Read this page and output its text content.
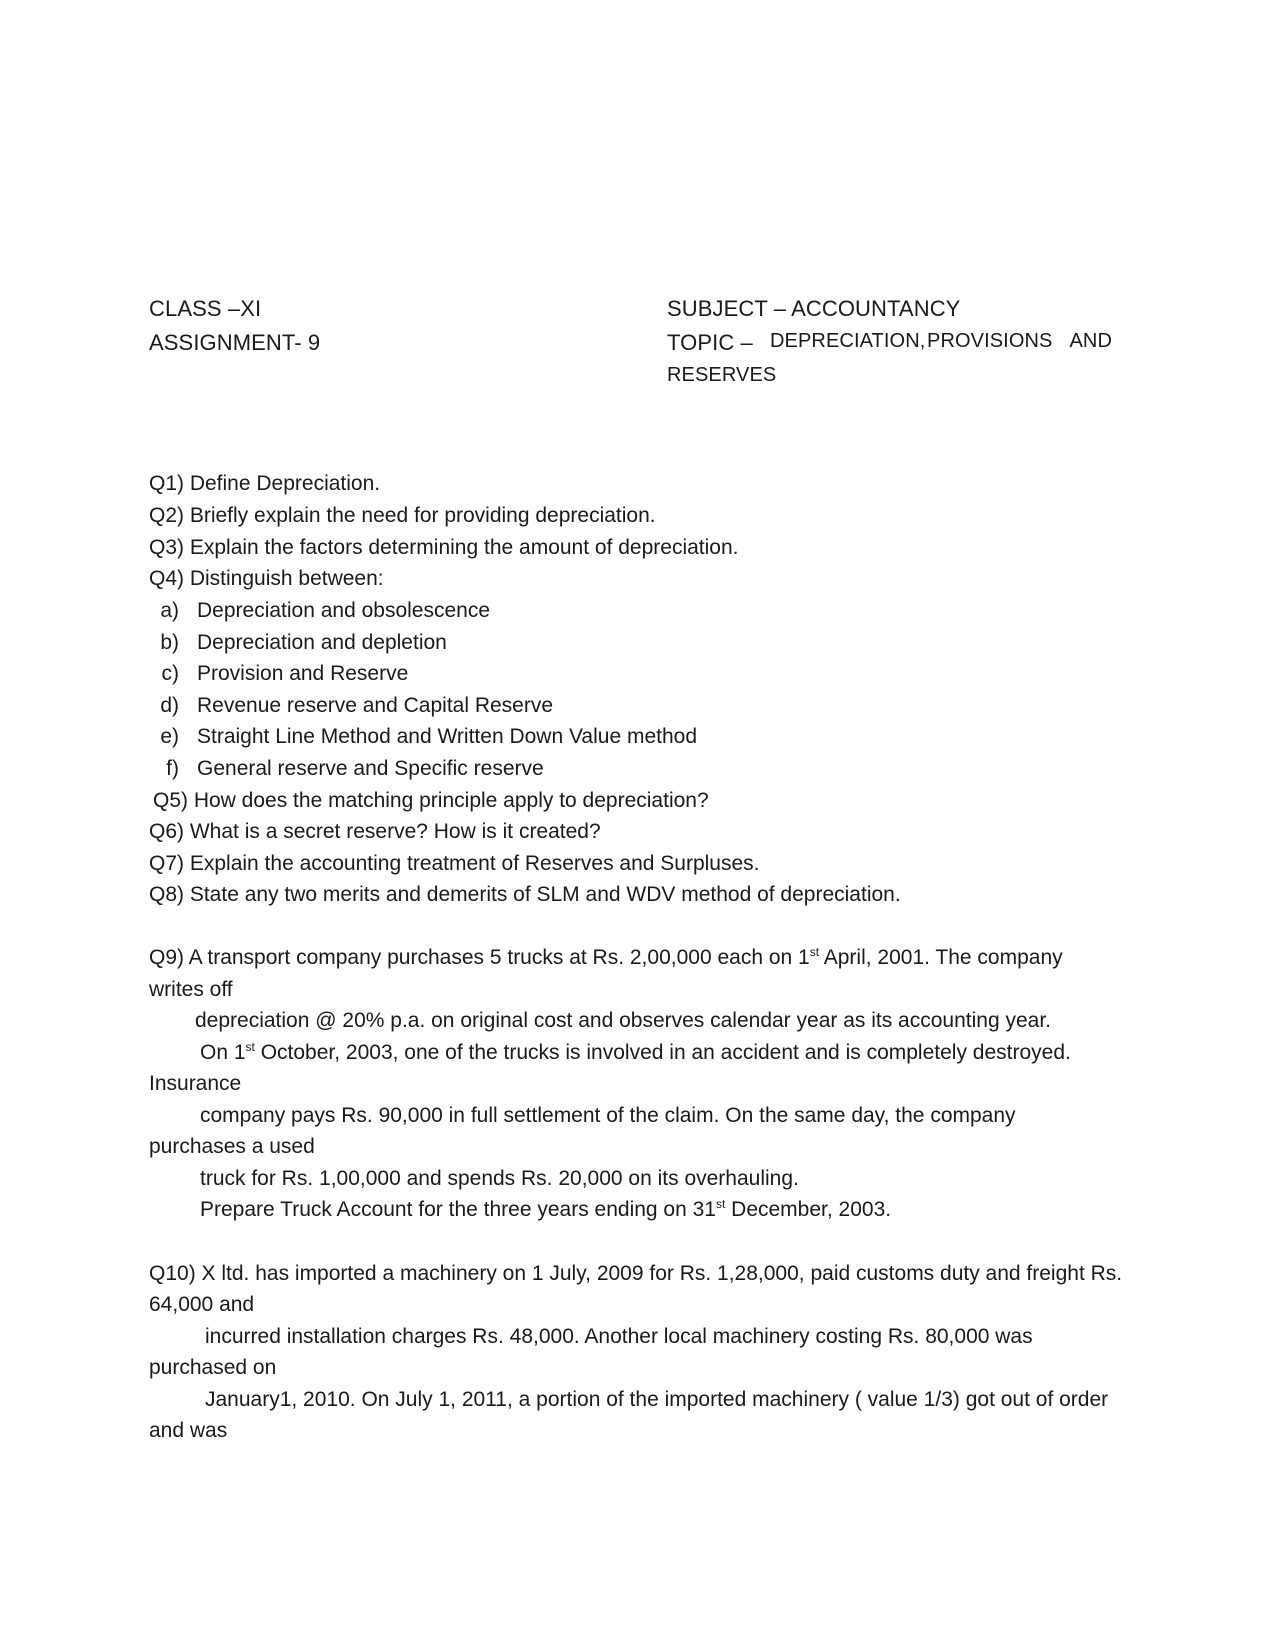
CLASS –XI
ASSIGNMENT- 9
SUBJECT – ACCOUNTANCY
TOPIC – DEPRECIATION, PROVISIONS AND
RESERVES
Q1) Define Depreciation.
Q2) Briefly explain the need for providing depreciation.
Q3) Explain the factors determining the amount of depreciation.
Q4) Distinguish between:
a) Depreciation and obsolescence
b) Depreciation and depletion
c) Provision and Reserve
d) Revenue reserve and Capital Reserve
e) Straight Line Method and Written Down Value method
f) General reserve and Specific reserve
Q5) How does the matching principle apply to depreciation?
Q6) What is a secret reserve? How is it created?
Q7) Explain the accounting treatment of Reserves and Surpluses.
Q8) State any two merits and demerits of SLM and WDV method of depreciation.
Q9) A transport company purchases 5 trucks at Rs. 2,00,000 each on 1st April, 2001. The company
writes off
depreciation @ 20% p.a. on original cost and observes calendar year as its accounting year.
On 1st October, 2003, one of the trucks is involved in an accident and is completely destroyed.
Insurance
company pays Rs. 90,000 in full settlement of the claim. On the same day, the company
purchases a used
truck for Rs. 1,00,000 and spends Rs. 20,000 on its overhauling.
Prepare Truck Account for the three years ending on 31st December, 2003.
Q10) X ltd. has imported a machinery on 1 July, 2009 for Rs. 1,28,000, paid customs duty and freight Rs.
64,000 and
incurred installation charges Rs. 48,000. Another local machinery costing Rs. 80,000 was
purchased on
January1, 2010. On July 1, 2011, a portion of the imported machinery ( value 1/3) got out of order
and was
